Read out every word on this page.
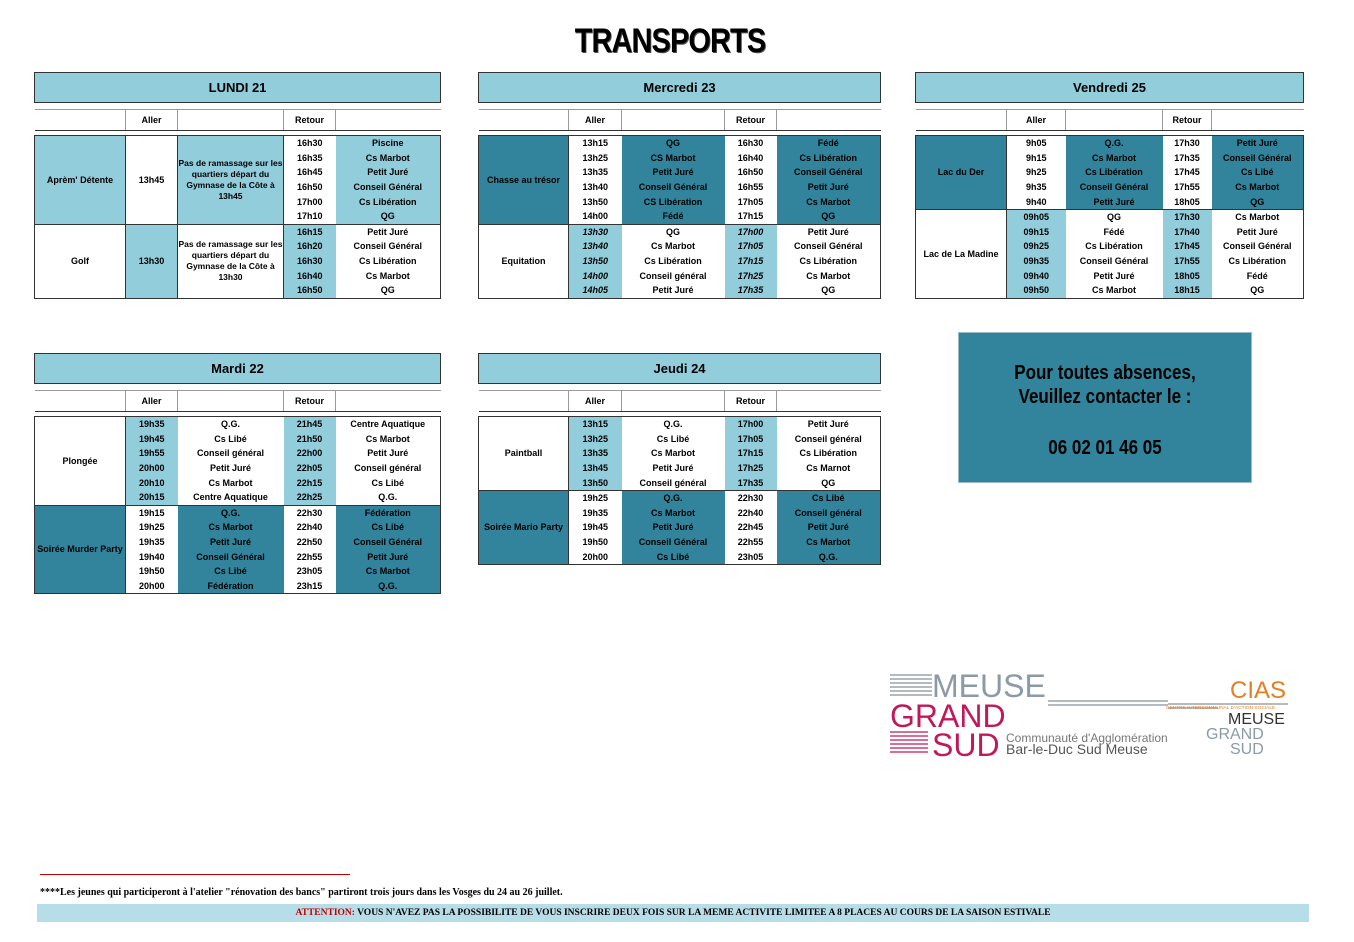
TRANSPORTS
LUNDI 21				

	Aller		Retour	

Aprèm' Détente	13h45	Pas de ramassage sur les quartiers départ du Gymnase de la Côte à 13h45	16h30	Piscine
			16h35	Cs Marbot
			16h45	Petit Juré
			16h50	Conseil Général
			17h00	Cs Libération
			17h10	QG
Golf	13h30	Pas de ramassage sur les quartiers départ du Gymnase de la Côte à 13h30	16h15	Petit Juré
			16h20	Conseil Général
			16h30	Cs Libération
			16h40	Cs Marbot
			16h50	QG
Mercredi 23				

	Aller		Retour	

Chasse au trésor	13h15	QG	16h30	Fédé
	13h25	CS Marbot	16h40	Cs Libération
	13h35	Petit Juré	16h50	Conseil Général
	13h40	Conseil Général	16h55	Petit Juré
	13h50	CS Libération	17h05	Cs Marbot
	14h00	Fédé	17h15	QG
Equitation	13h30	QG	17h00	Petit Juré
	13h40	Cs Marbot	17h05	Conseil Général
	13h50	Cs Libération	17h15	Cs Libération
	14h00	Conseil général	17h25	Cs Marbot
	14h05	Petit Juré	17h35	QG
Vendredi 25				

	Aller		Retour	

Lac du Der	9h05	Q.G.	17h30	Petit Juré
	9h15	Cs Marbot	17h35	Conseil Général
	9h25	Cs Libération	17h45	Cs Libé
	9h35	Conseil Général	17h55	Cs Marbot
	9h40	Petit Juré	18h05	QG
Lac de La Madine	09h05	QG	17h30	Cs Marbot
	09h15	Fédé	17h40	Petit Juré
	09h25	Cs Libération	17h45	Conseil Général
	09h35	Conseil Général	17h55	Cs Libération
	09h40	Petit Juré	18h05	Fédé
	09h50	Cs Marbot	18h15	QG
Mardi 22				

	Aller		Retour	

Plongée	19h35	Q.G.	21h45	Centre Aquatique
	19h45	Cs Libé	21h50	Cs Marbot
	19h55	Conseil général	22h00	Petit Juré
	20h00	Petit Juré	22h05	Conseil général
	20h10	Cs Marbot	22h15	Cs Libé
	20h15	Centre Aquatique	22h25	Q.G.
Soirée Murder Party	19h15	Q.G.	22h30	Fédération
	19h25	Cs Marbot	22h40	Cs Libé
	19h35	Petit Juré	22h50	Conseil Général
	19h40	Conseil Général	22h55	Petit Juré
	19h50	Cs Libé	23h05	Cs Marbot
	20h00	Fédération	23h15	Q.G.
Jeudi 24				

	Aller		Retour	

Paintball	13h15	Q.G.	17h00	Petit Juré
	13h25	Cs Libé	17h05	Conseil général
	13h35	Cs Marbot	17h15	Cs Libération
	13h45	Petit Juré	17h25	Cs Marnot
	13h50	Conseil général	17h35	QG
Soirée Mario Party	19h25	Q.G.	22h30	Cs Libé
	19h35	Cs Marbot	22h40	Conseil général
	19h45	Petit Juré	22h45	Petit Juré
	19h50	Conseil Général	22h55	Cs Marbot
	20h00	Cs Libé	23h05	Q.G.
Pour toutes absences,
Veuillez contacter le :
06 02 01 46 05
MEUSE
GRAND
SUD Communauté d'Agglomération
Bar-le-Duc Sud Meuse
CIAS
CENTRE INTERCOMMUNAL D'ACTION SOCIALE
MEUSE
GRAND
SUD
****Les jeunes qui participeront à l'atelier "rénovation des bancs" partiront trois jours dans les Vosges du 24 au 26 juillet.
ATTENTION: VOUS N'AVEZ PAS LA POSSIBILITE DE VOUS INSCRIRE DEUX FOIS SUR LA MEME ACTIVITE LIMITEE A 8 PLACES AU COURS DE LA SAISON ESTIVALE
